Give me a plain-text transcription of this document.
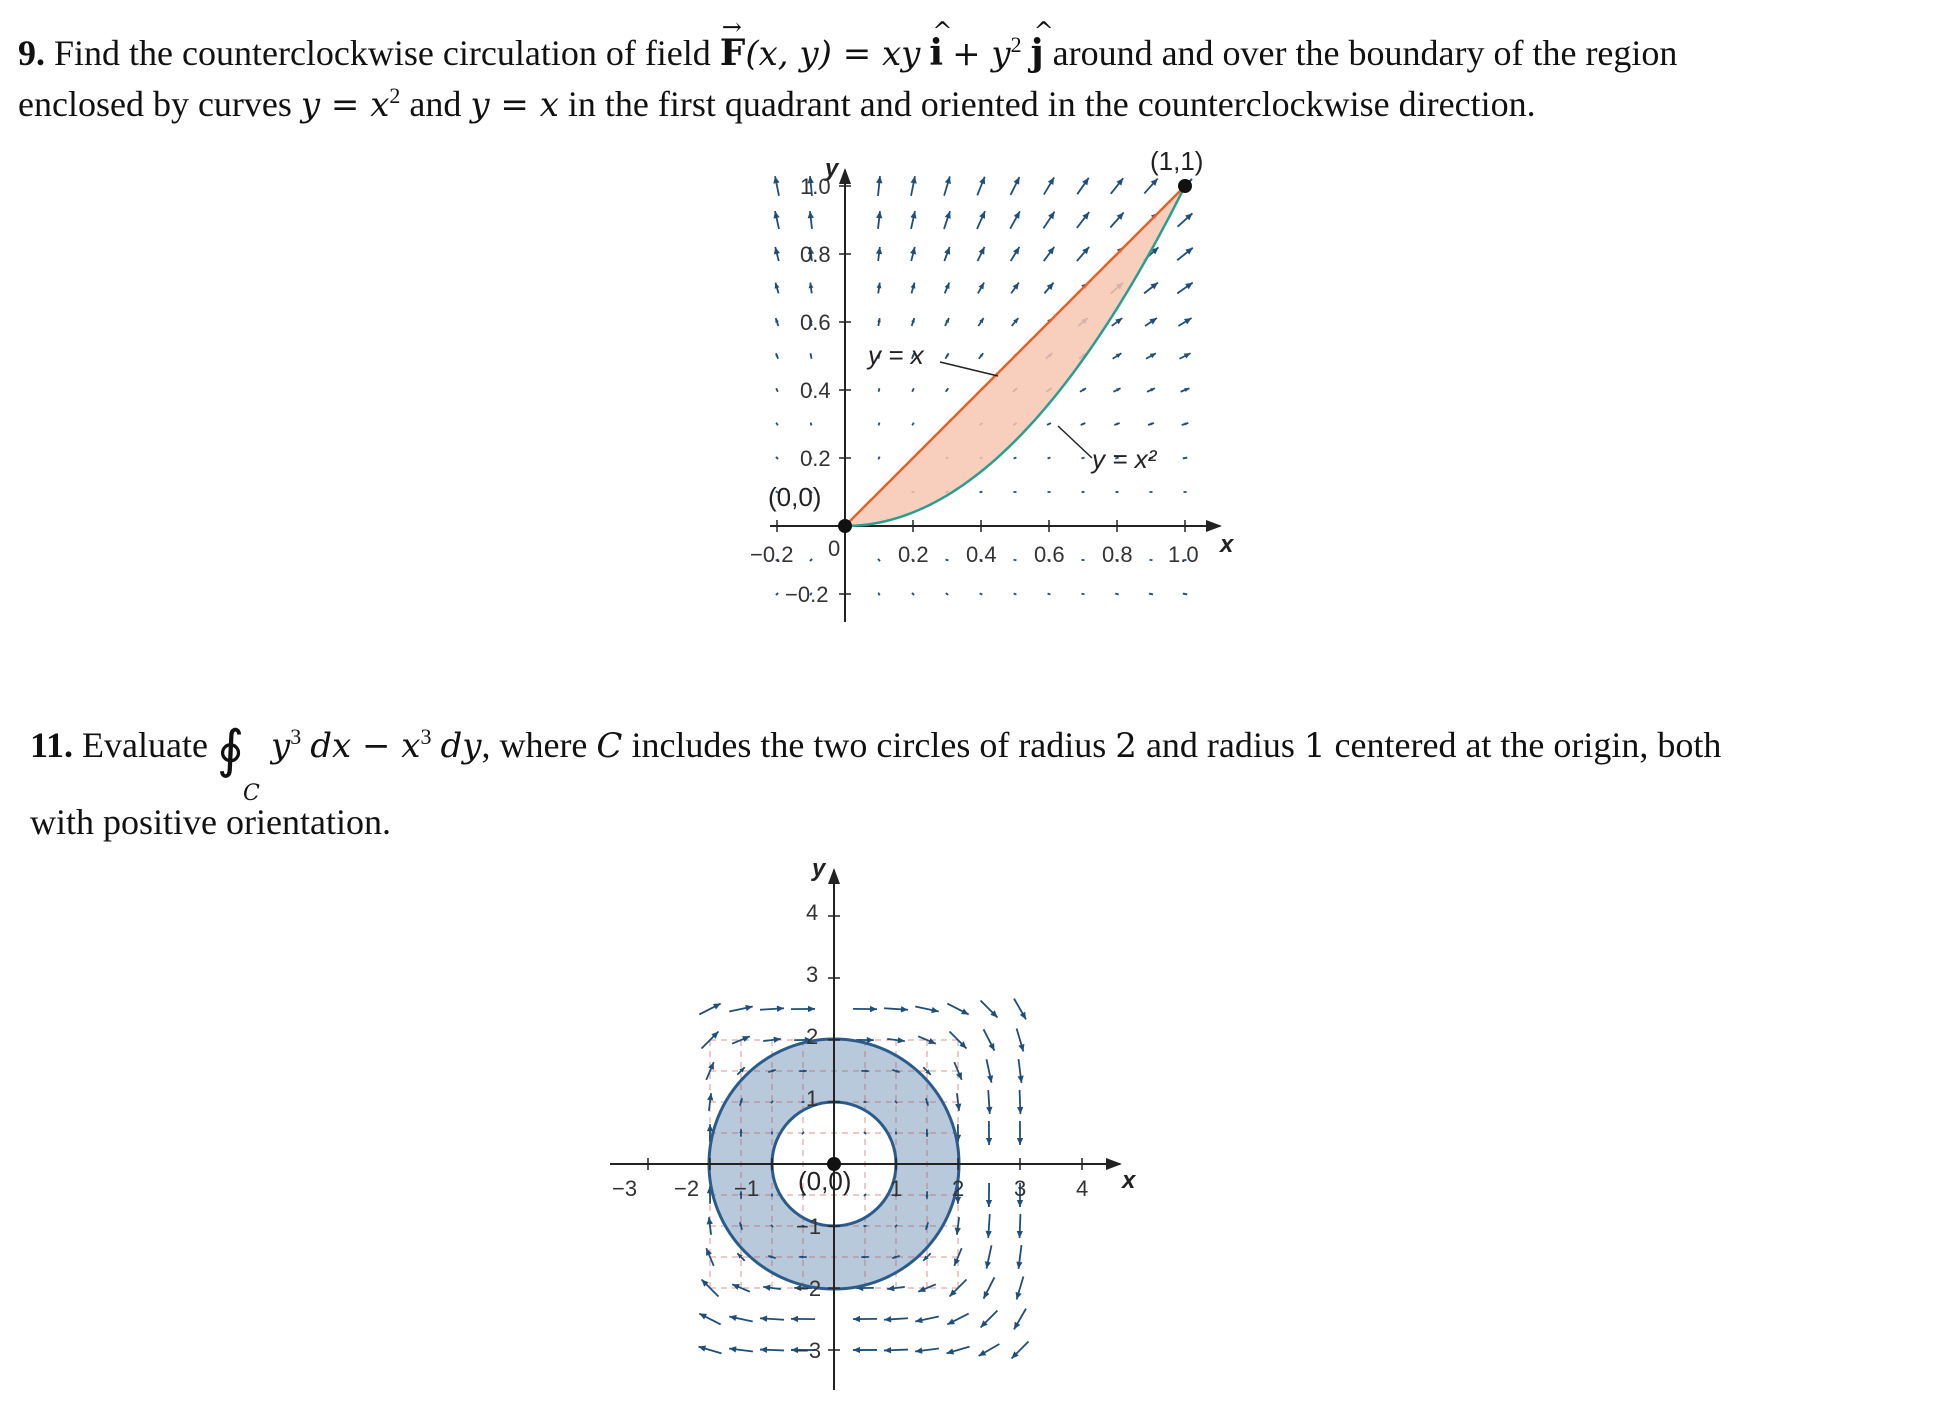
9. Find the counterclockwise circulation of field → F(x, y) = xy ^ $i + y^2$ ^ j around and over the boundary of the region
enclosed by curves $y = x^2$ and y = x in the first quadrant and oriented in the counterclockwise direction.
y
x
−0.2 0	0.2 0.4 0.6 0.8 1.0
1.0
0.8
0.6
0.4
0.2
−0.2
(0,0)
(1,1)
y = x
y = x²
11. Evaluate ∮
C
$y^3$ dx − $x^3$ dy, where C includes the two circles of radius 2 and radius 1 centered at the origin, both

with positive orientation.
y
x
−3 −2 −1	1 2 3 4
4
3
2
1
−1
−2
−3
(0,0)
